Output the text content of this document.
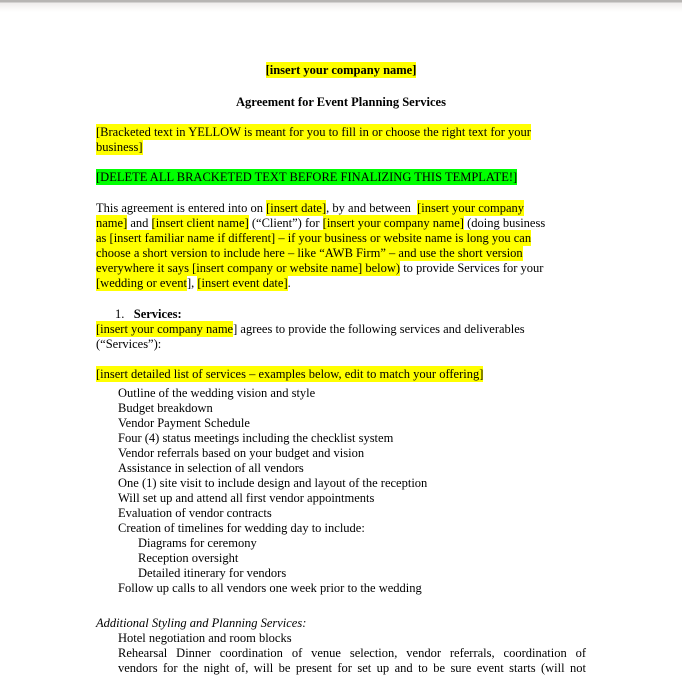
[insert your company name]
Agreement for Event Planning Services
[Bracketed text in YELLOW is meant for you to fill in or choose the right text for your
business]
[DELETE ALL BRACKETED TEXT BEFORE FINALIZING THIS TEMPLATE!]
This agreement is entered into on [insert date], by and between  [insert your company
name] and [insert client name] (“Client”) for [insert your company name] (doing business
as [insert familiar name if different] – if your business or website name is long you can
choose a short version to include here – like “AWB Firm” – and use the short version
everywhere it says [insert company or website name] below) to provide Services for your
[wedding or event], [insert event date].
1.   Services:
[insert your company name] agrees to provide the following services and deliverables
(“Services”):
[insert detailed list of services – examples below, edit to match your offering]
Outline of the wedding vision and style
Budget breakdown
Vendor Payment Schedule
Four (4) status meetings including the checklist system
Vendor referrals based on your budget and vision
Assistance in selection of all vendors
One (1) site visit to include design and layout of the reception
Will set up and attend all first vendor appointments
Evaluation of vendor contracts
Creation of timelines for wedding day to include:
Diagrams for ceremony
Reception oversight
Detailed itinerary for vendors
Follow up calls to all vendors one week prior to the wedding
Additional Styling and Planning Services:
Hotel negotiation and room blocks
Rehearsal Dinner coordination of venue selection, vendor referrals, coordination of
vendors for the night of, will be present for set up and to be sure event starts (will not
